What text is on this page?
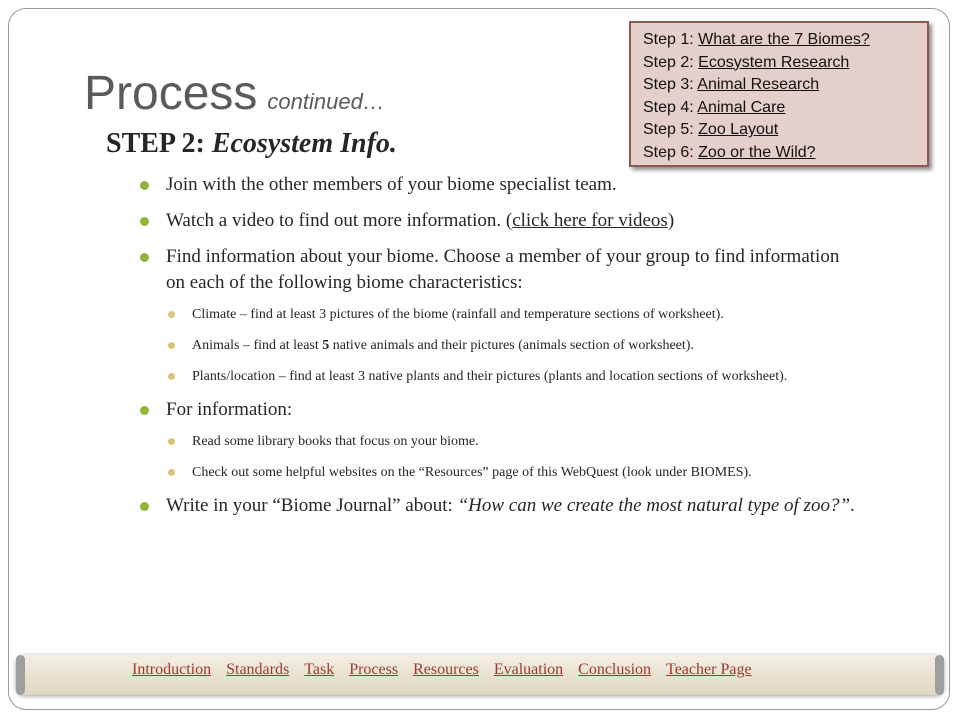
Process continued…
STEP 2: Ecosystem Info.
Step 1: What are the 7 Biomes?
Step 2: Ecosystem Research
Step 3: Animal Research
Step 4: Animal Care
Step 5: Zoo Layout
Step 6: Zoo or the Wild?
Join with the other members of your biome specialist team.
Watch a video to find out more information. (click here for videos)
Find information about your biome. Choose a member of your group to find information on each of the following biome characteristics:
Climate – find at least 3 pictures of the biome (rainfall and temperature sections of worksheet).
Animals – find at least 5 native animals and their pictures (animals section of worksheet).
Plants/location – find at least 3 native plants and their pictures (plants and location sections of worksheet).
For information:
Read some library books that focus on your biome.
Check out some helpful websites on the “Resources” page of this WebQuest (look under BIOMES).
Write in your “Biome Journal” about: “How can we create the most natural type of zoo?”.
Introduction Standards Task Process Resources Evaluation Conclusion Teacher Page
